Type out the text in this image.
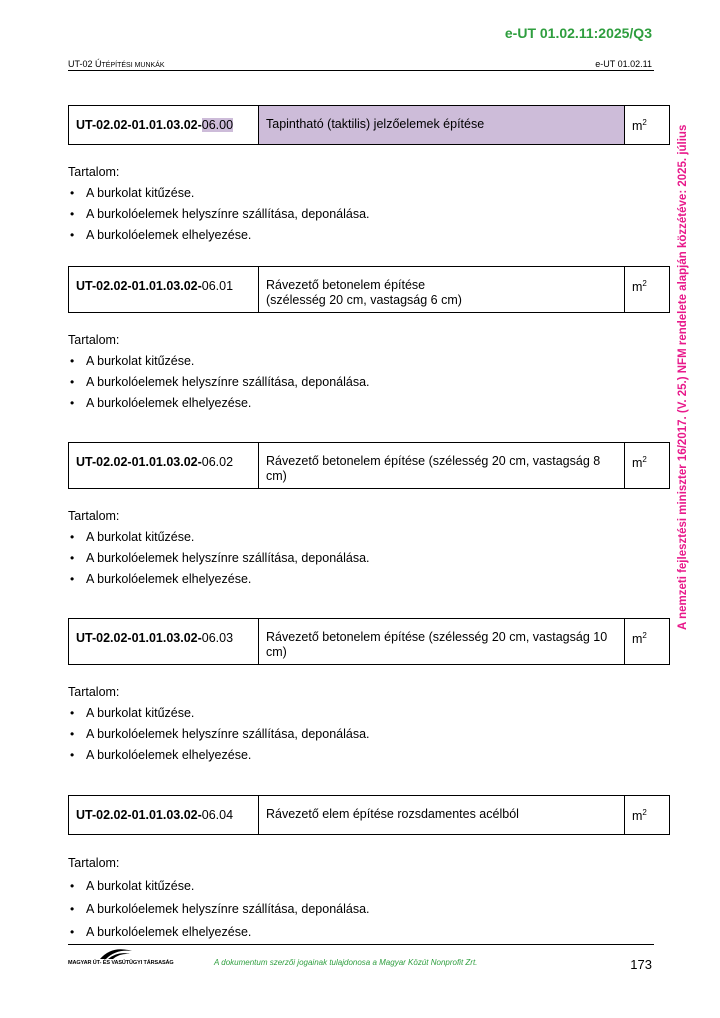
e-UT 01.02.11:2025/Q3
UT-02 ÚTÉPÍTÉSI MUNKÁK	e-UT 01.02.11
A nemzeti fejlesztési miniszter 16/2017. (V. 25.) NFM rendelete alapján közzétéve: 2025. július
UT-02.02-01.01.03.02-06.00	Tapintható (taktilis) jelzőelemek építése	$m^2$
Tartalom:
• A burkolat kitűzése.
• A burkolóelemek helyszínre szállítása, deponálása.
• A burkolóelemek elhelyezése.
UT-02.02-01.01.03.02-06.01	Rávezető betonelem építése
(szélesség 20 cm, vastagság 6 cm)	$m^2$
Tartalom:
• A burkolat kitűzése.
• A burkolóelemek helyszínre szállítása, deponálása.
• A burkolóelemek elhelyezése.
UT-02.02-01.01.03.02-06.02	Rávezető betonelem építése (szélesség 20 cm, vastagság 8 cm)	$m^2$
Tartalom:
• A burkolat kitűzése.
• A burkolóelemek helyszínre szállítása, deponálása.
• A burkolóelemek elhelyezése.
UT-02.02-01.01.03.02-06.03	Rávezető betonelem építése (szélesség 20 cm, vastagság 10 cm)	$m^2$
Tartalom:
• A burkolat kitűzése.
• A burkolóelemek helyszínre szállítása, deponálása.
• A burkolóelemek elhelyezése.
UT-02.02-01.01.03.02-06.04	Rávezető elem építése rozsdamentes acélból	$m^2$
Tartalom:
• A burkolat kitűzése.
• A burkolóelemek helyszínre szállítása, deponálása.
• A burkolóelemek elhelyezése.
MAGYAR ÚT- ÉS VASÚTÜGYI TÁRSASÁG	A dokumentum szerzői jogainak tulajdonosa a Magyar Közút Nonprofit Zrt.	173
